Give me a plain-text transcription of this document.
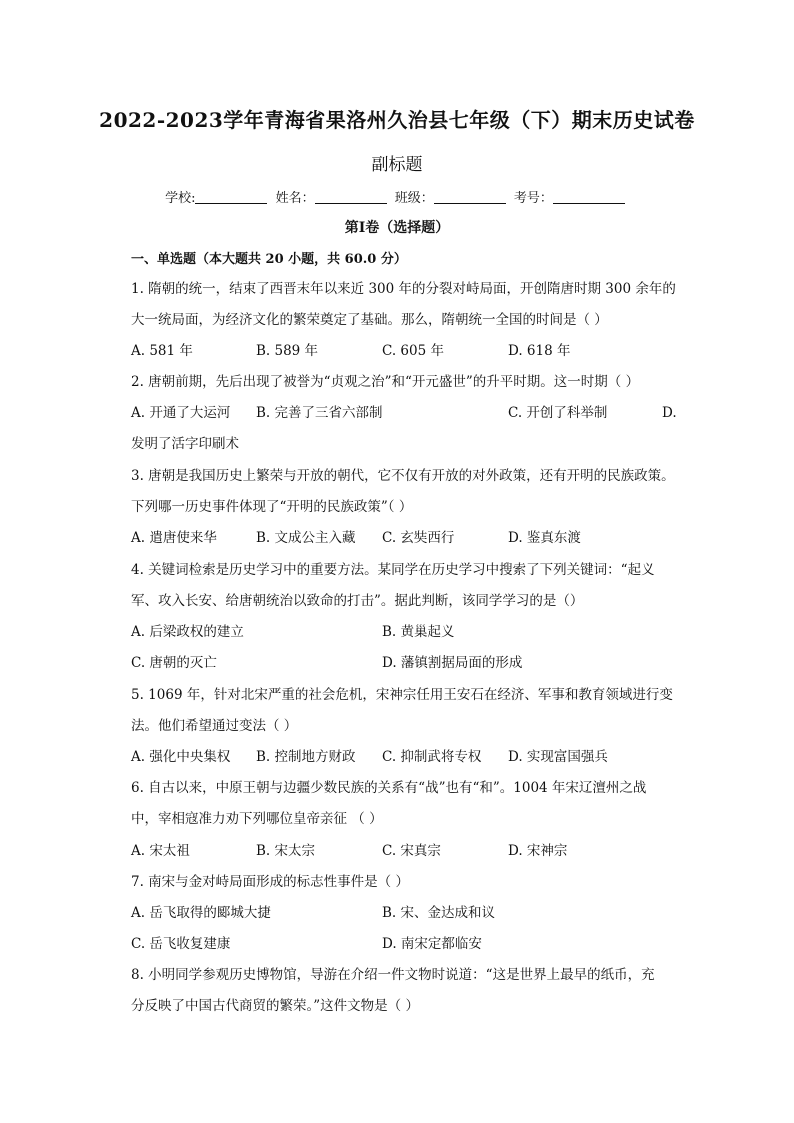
2022-2023学年青海省果洛州久治县七年级（下）期末历史试卷
副标题
学校:	姓名：	班级：	考号：
第Ⅰ卷（选择题）
一、单选题（本大题共 20 小题，共 60.0 分）
1. 隋朝的统一，结束了西晋末年以来近 300 年的分裂对峙局面，开创隋唐时期 300 余年的
大一统局面，为经济文化的繁荣奠定了基础。那么，隋朝统一全国的时间是（ ）
A. 581 年	B. 589 年	C. 605 年	D. 618 年
2. 唐朝前期，先后出现了被誉为“贞观之治”和“开元盛世”的升平时期。这一时期（ ）
A. 开通了大运河 B. 完善了三省六部制	C. 开创了科举制	D.
发明了活字印刷术
3. 唐朝是我国历史上繁荣与开放的朝代，它不仅有开放的对外政策，还有开明的民族政策。
下列哪一历史事件体现了“开明的民族政策”（ ）
A. 遣唐使来华	B. 文成公主入藏 C. 玄奘西行	D. 鉴真东渡
4. 关键词检索是历史学习中的重要方法。某同学在历史学习中搜索了下列关键词：“起义
军、攻入长安、给唐朝统治以致命的打击”。据此判断，该同学学习的是（）
A. 后梁政权的建立	B. 黄巢起义
C. 唐朝的灭亡	D. 藩镇割据局面的形成
5. 1069 年，针对北宋严重的社会危机，宋神宗任用王安石在经济、军事和教育领域进行变
法。他们希望通过变法（ ）
A. 强化中央集权 B. 控制地方财政 C. 抑制武将专权 D. 实现富国强兵
6. 自古以来，中原王朝与边疆少数民族的关系有“战”也有“和”。1004 年宋辽澶州之战
中，宰相寇准力劝下列哪位皇帝亲征 （ ）
A. 宋太祖	B. 宋太宗	C. 宋真宗	D. 宋神宗
7. 南宋与金对峙局面形成的标志性事件是（ ）
A. 岳飞取得的郾城大捷	B. 宋、金达成和议
C. 岳飞收复建康	D. 南宋定都临安
8. 小明同学参观历史博物馆，导游在介绍一件文物时说道：“这是世界上最早的纸币，充
分反映了中国古代商贸的繁荣。”这件文物是（ ）
